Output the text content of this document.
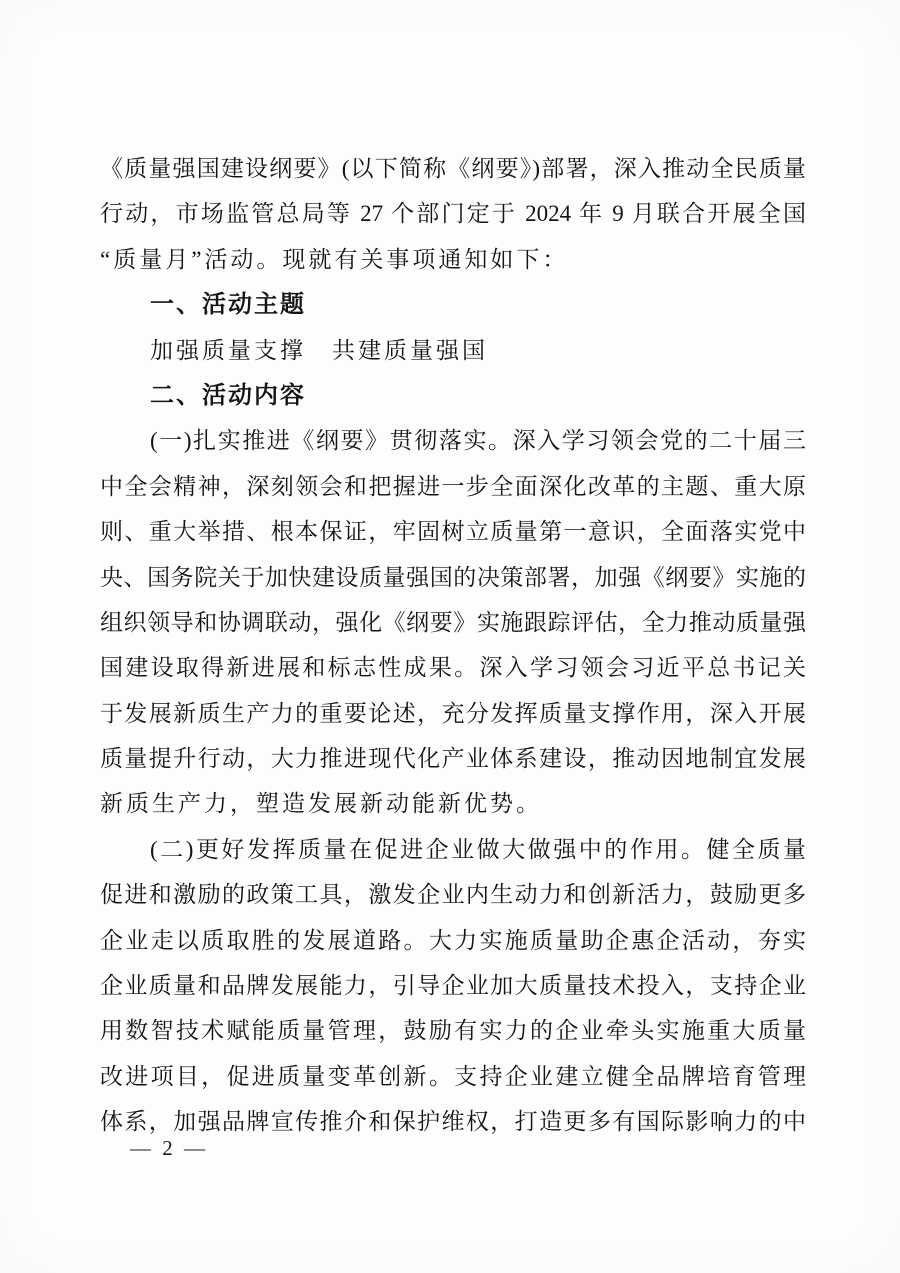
《质量强国建设纲要》(以下简称《纲要》)部署，深入推动全民质量
行动，市场监管总局等 27 个部门定于 2024 年 9 月联合开展全国
“质量月”活动。现就有关事项通知如下：
一、活动主题
加强质量支撑　共建质量强国
二、活动内容
(一)扎实推进《纲要》贯彻落实。深入学习领会党的二十届三
中全会精神，深刻领会和把握进一步全面深化改革的主题、重大原
则、重大举措、根本保证，牢固树立质量第一意识，全面落实党中
央、国务院关于加快建设质量强国的决策部署，加强《纲要》实施的
组织领导和协调联动，强化《纲要》实施跟踪评估，全力推动质量强
国建设取得新进展和标志性成果。深入学习领会习近平总书记关
于发展新质生产力的重要论述，充分发挥质量支撑作用，深入开展
质量提升行动，大力推进现代化产业体系建设，推动因地制宜发展
新质生产力，塑造发展新动能新优势。
(二)更好发挥质量在促进企业做大做强中的作用。健全质量
促进和激励的政策工具，激发企业内生动力和创新活力，鼓励更多
企业走以质取胜的发展道路。大力实施质量助企惠企活动，夯实
企业质量和品牌发展能力，引导企业加大质量技术投入，支持企业
用数智技术赋能质量管理，鼓励有实力的企业牵头实施重大质量
改进项目，促进质量变革创新。支持企业建立健全品牌培育管理
体系，加强品牌宣传推介和保护维权，打造更多有国际影响力的中
— 2 —
